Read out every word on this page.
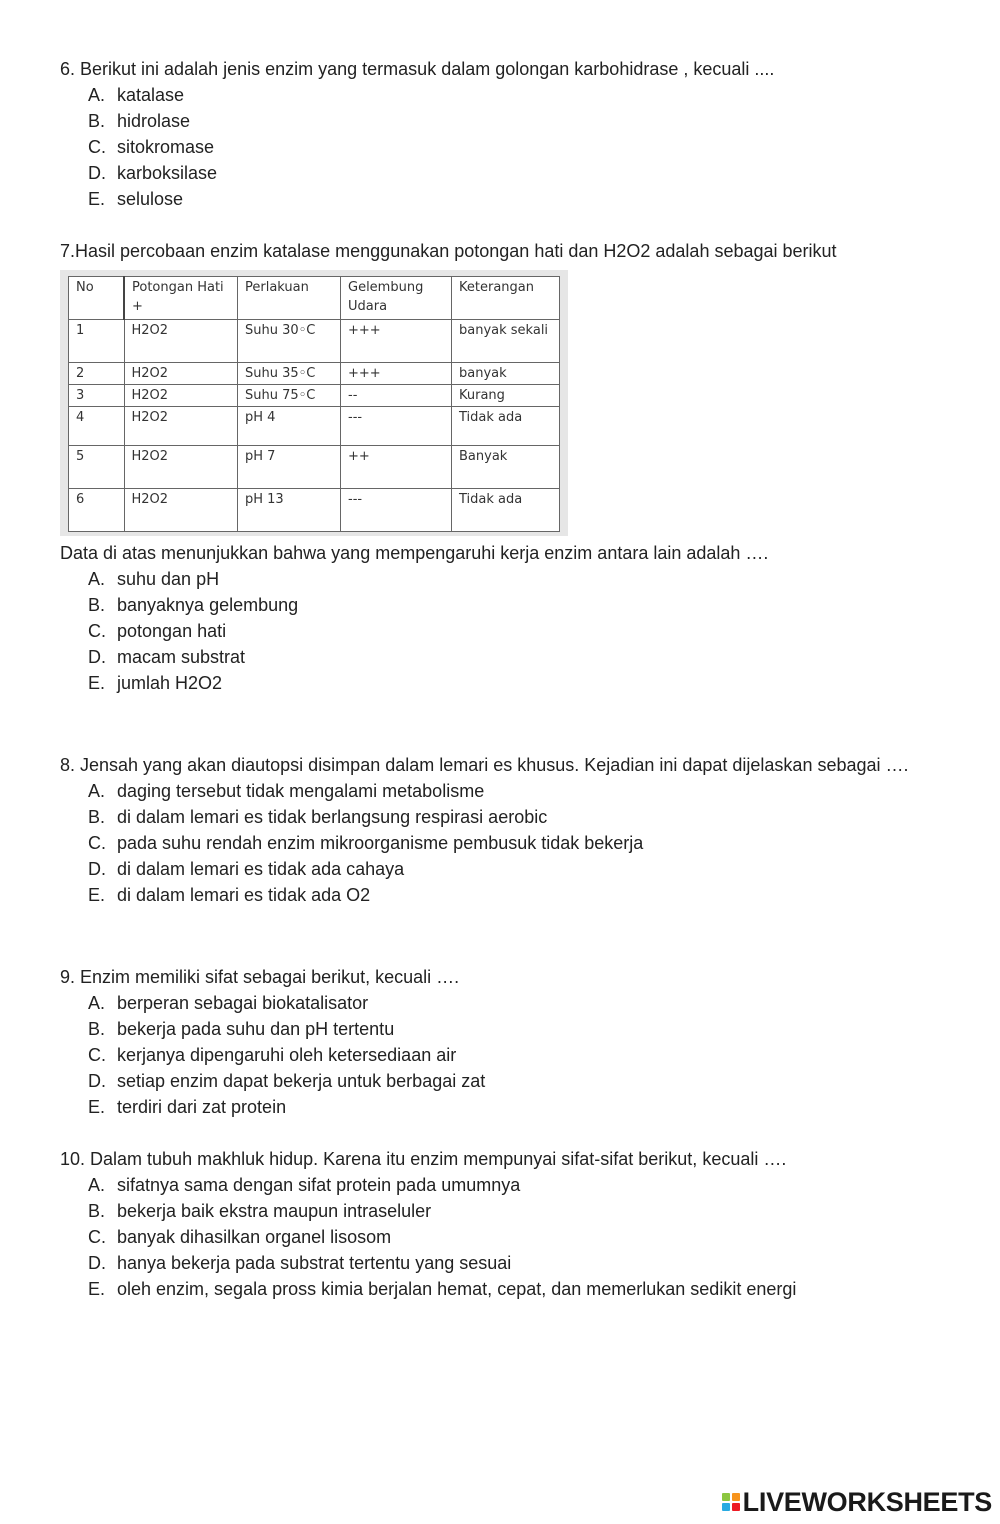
6. Berikut ini adalah jenis enzim yang termasuk dalam golongan karbohidrase , kecuali ....

A. katalase
B. hidrolase
C. sitokromase
D. karboksilase
E. selulose

7.Hasil percobaan enzim katalase menggunakan potongan hati dan H2O2 adalah sebagai berikut

No	Potongan Hati +	Perlakuan	Gelembung Udara	Keterangan
1	H2O2	Suhu 30◦C	+++	banyak sekali
2	H2O2	Suhu 35◦C	+++	banyak
3	H2O2	Suhu 75◦C	--	Kurang
4	H2O2	pH 4	---	Tidak ada
5	H2O2	pH 7	++	Banyak
6	H2O2	pH 13	---	Tidak ada

Data di atas menunjukkan bahwa yang mempengaruhi kerja enzim antara lain adalah ….

A. suhu dan pH
B. banyaknya gelembung
C. potongan hati
D. macam substrat
E. jumlah H2O2

8. Jensah yang akan diautopsi disimpan dalam lemari es khusus. Kejadian ini dapat dijelaskan sebagai ….

A. daging tersebut tidak mengalami metabolisme
B. di dalam lemari es tidak berlangsung respirasi aerobic
C. pada suhu rendah enzim mikroorganisme pembusuk tidak bekerja
D. di dalam lemari es tidak ada cahaya
E. di dalam lemari es tidak ada O2

9. Enzim memiliki sifat sebagai berikut, kecuali ….

A. berperan sebagai biokatalisator
B. bekerja pada suhu dan pH tertentu
C. kerjanya dipengaruhi oleh ketersediaan air
D. setiap enzim dapat bekerja untuk berbagai zat
E. terdiri dari zat protein

10. Dalam tubuh makhluk hidup. Karena itu enzim mempunyai sifat-sifat berikut, kecuali ….

A. sifatnya sama dengan sifat protein pada umumnya
B. bekerja baik ekstra maupun intraseluler
C. banyak dihasilkan organel lisosom
D. hanya bekerja pada substrat tertentu yang sesuai
E. oleh enzim, segala pross kimia berjalan hemat, cepat, dan memerlukan sedikit energi
LIVEWORKSHEETS
